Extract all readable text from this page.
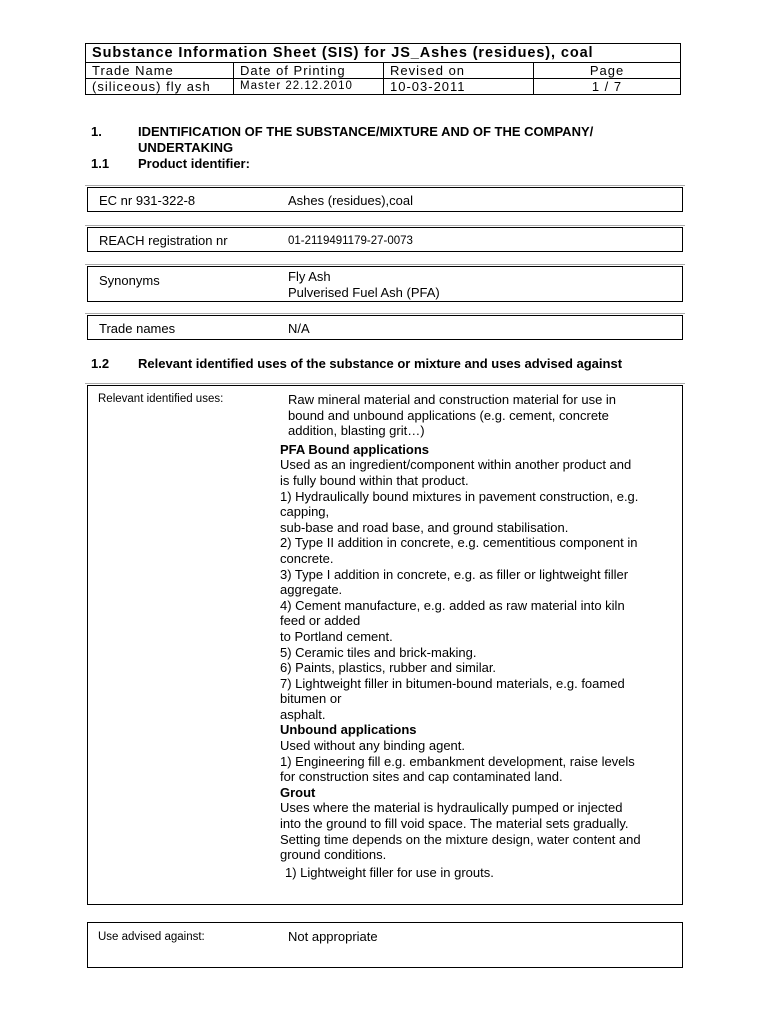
Substance Information Sheet (SIS) for JS_Ashes (residues), coal
Trade Name	Date of Printing	Revised on	Page
(siliceous) fly ash	Master 22.12.2010	10-03-2011	1 / 7
1.	IDENTIFICATION OF THE SUBSTANCE/MIXTURE AND OF THE COMPANY/
UNDERTAKING
1.1 Product identifier:
EC nr 931-322-8	Ashes (residues),coal
REACH registration nr	01-2119491179-27-0073
Synonyms	Fly Ash
Pulverised Fuel Ash (PFA)
Trade names	N/A
1.2 Relevant identified uses of the substance or mixture and uses advised against
Relevant identified uses:	Raw mineral material and construction material for use in

bound and unbound applications (e.g. cement, concrete

addition, blasting grit…)

PFA Bound applications

Used as an ingredient/component within another product and

is fully bound within that product.

1) Hydraulically bound mixtures in pavement construction, e.g.

capping,

sub-base and road base, and ground stabilisation.

2) Type II addition in concrete, e.g. cementitious component in

concrete.

3) Type I addition in concrete, e.g. as filler or lightweight filler

aggregate.

4) Cement manufacture, e.g. added as raw material into kiln

feed or added

to Portland cement.

5) Ceramic tiles and brick-making.

6) Paints, plastics, rubber and similar.

7) Lightweight filler in bitumen-bound materials, e.g. foamed

bitumen or

asphalt.

Unbound applications

Used without any binding agent.

1) Engineering fill e.g. embankment development, raise levels

for construction sites and cap contaminated land.

Grout

Uses where the material is hydraulically pumped or injected

into the ground to fill void space. The material sets gradually.

Setting time depends on the mixture design, water content and

ground conditions.

1) Lightweight filler for use in grouts.

Use advised against:	Not appropriate
